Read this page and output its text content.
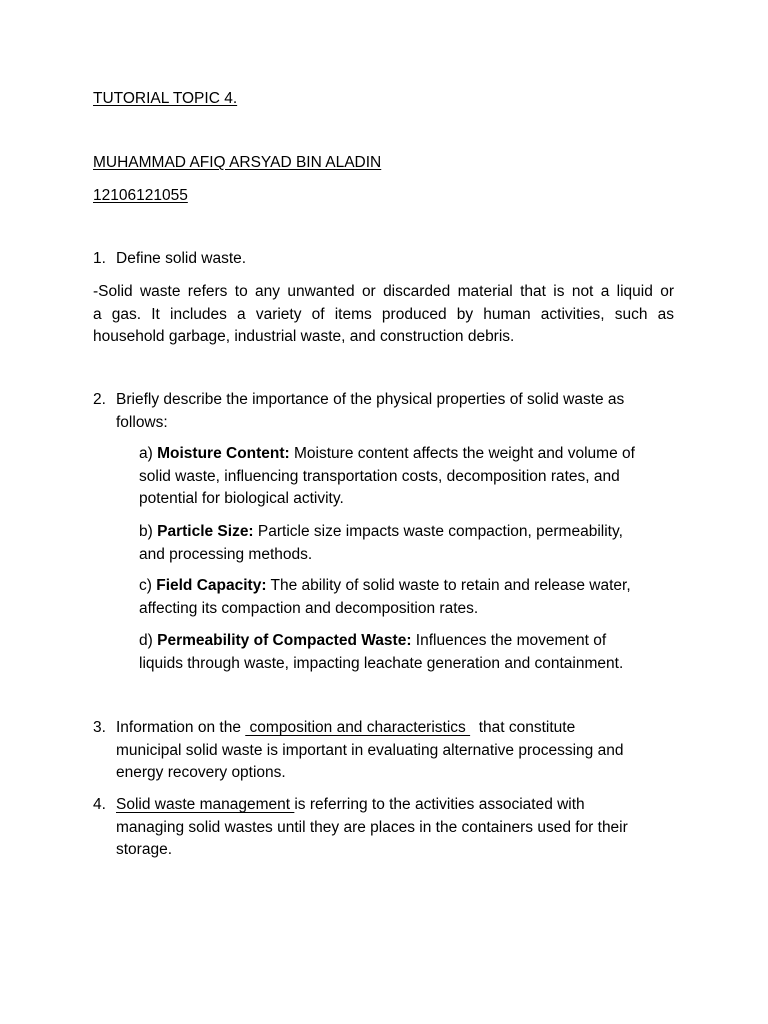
TUTORIAL TOPIC 4.
MUHAMMAD AFIQ ARSYAD BIN ALADIN
12106121055
1. Define solid waste.
-Solid waste refers to any unwanted or discarded material that is not a liquid or
a gas. It includes a variety of items produced by human activities, such as
household garbage, industrial waste, and construction debris.
2. Briefly describe the importance of the physical properties of solid waste as
follows:
a) Moisture Content: Moisture content affects the weight and volume of
solid waste, influencing transportation costs, decomposition rates, and
potential for biological activity.
b) Particle Size: Particle size impacts waste compaction, permeability,
and processing methods.
c) Field Capacity: The ability of solid waste to retain and release water,
affecting its compaction and decomposition rates.
d) Permeability of Compacted Waste: Influences the movement of
liquids through waste, impacting leachate generation and containment.
3. Information on the  composition and characteristics   that constitute
municipal solid waste is important in evaluating alternative processing and
energy recovery options.
4. Solid waste management is referring to the activities associated with
managing solid wastes until they are places in the containers used for their
storage.
